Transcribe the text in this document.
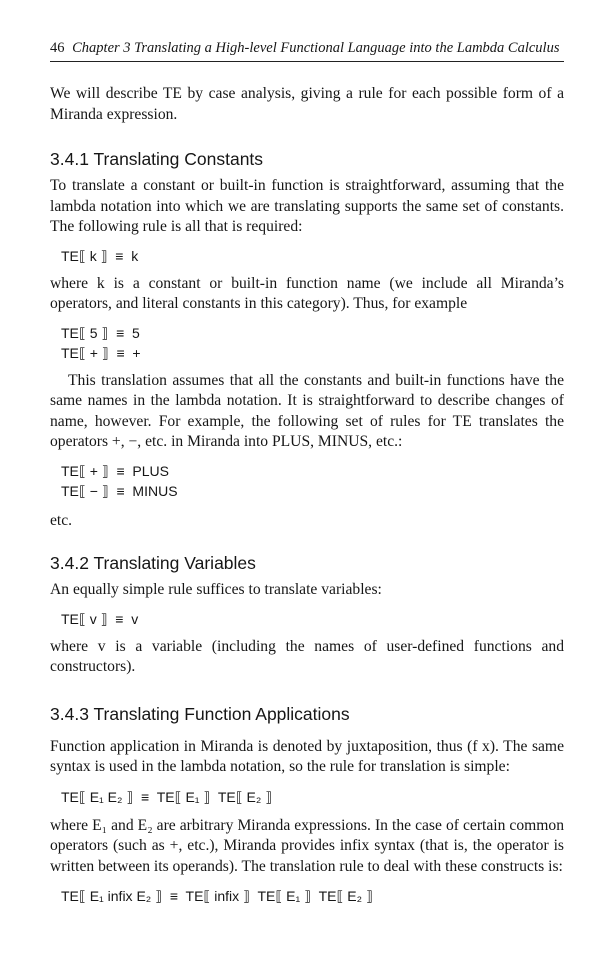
46 Chapter 3 Translating a High-level Functional Language into the Lambda Calculus

We will describe TE by case analysis, giving a rule for each possible form of a Miranda expression.

3.4.1 Translating Constants

To translate a constant or built-in function is straightforward, assuming that the lambda notation into which we are translating supports the same set of constants. The following rule is all that is required:

TE⟦ k ⟧  ≡  k

where k is a constant or built-in function name (we include all Miranda’s operators, and literal constants in this category). Thus, for example

TE⟦ 5 ⟧  ≡  5
TE⟦ + ⟧  ≡  +

This translation assumes that all the constants and built-in functions have the same names in the lambda notation. It is straightforward to describe changes of name, however. For example, the following set of rules for TE translates the operators +, −, etc. in Miranda into PLUS, MINUS, etc.:

TE⟦ + ⟧  ≡  PLUS
TE⟦ − ⟧  ≡  MINUS

etc.

3.4.2 Translating Variables

An equally simple rule suffices to translate variables:

TE⟦ v ⟧  ≡  v

where v is a variable (including the names of user-defined functions and constructors).

3.4.3 Translating Function Applications

Function application in Miranda is denoted by juxtaposition, thus (f x). The same syntax is used in the lambda notation, so the rule for translation is simple:

TE⟦ E₁ E₂ ⟧  ≡  TE⟦ E₁ ⟧  TE⟦ E₂ ⟧

where E₁ and E₂ are arbitrary Miranda expressions. In the case of certain common operators (such as +, etc.), Miranda provides infix syntax (that is, the operator is written between its operands). The translation rule to deal with these constructs is:

TE⟦ E₁ infix E₂ ⟧  ≡  TE⟦ infix ⟧  TE⟦ E₁ ⟧  TE⟦ E₂ ⟧
